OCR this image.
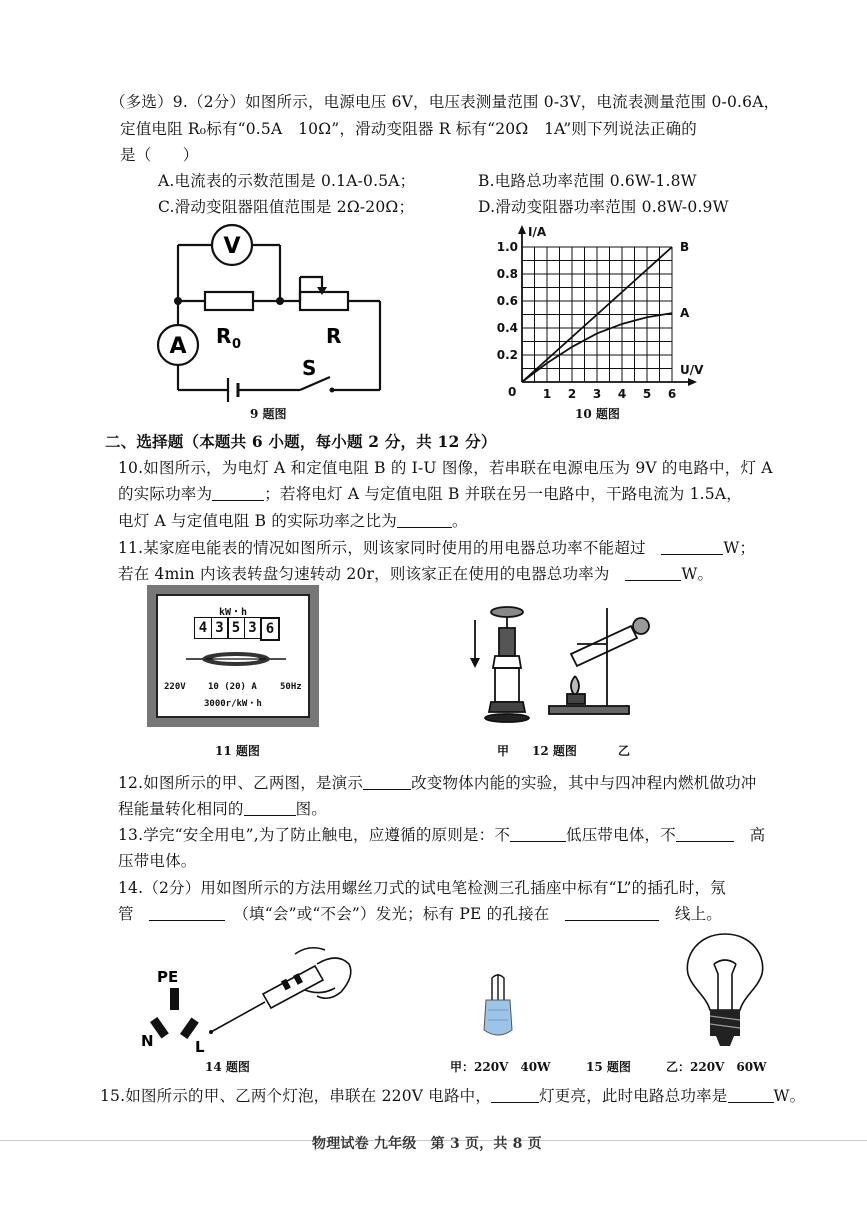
（多选）9.（2分）如图所示，电源电压 6V，电压表测量范围 0-3V，电流表测量范围 0-0.6A，
定值电阻 R₀标有“0.5A　10Ω”，滑动变阻器 R 标有“20Ω　1A”则下列说法正确的
是（　　）
A.电流表的示数范围是 0.1A-0.5A；	B.电路总功率范围 0.6W-1.8W
C.滑动变阻器阻值范围是 2Ω-20Ω；	D.滑动变阻器功率范围 0.8W-0.9W
V
A R 0	R
S
9 题图
I/A
U/V
0
A
B
1.0
0.8
0.6
0.4
0.2
1 2 3 4 5 6
10 题图
二、选择题（本题共 6 小题，每小题 2 分，共 12 分）
10.如图所示，为电灯 A 和定值电阻 B 的 I-U 图像，若串联在电源电压为 9V 的电路中，灯 A
的实际功率为	；若将电灯 A 与定值电阻 B 并联在另一电路中，干路电流为 1.5A，
电灯 A 与定值电阻 B 的实际功率之比为	。
11.某家庭电能表的情况如图所示，则该家同时使用的用电器总功率不能超过　	W；
若在 4min 内该表转盘匀速转动 20r，则该家正在使用的电器总功率为　	W。
kW・h
4 3 5 3 6
220V 10 (20) A	50Hz
3000r/kW・h
11 题图	甲 12 题图	乙
12.如图所示的甲、乙两图，是演示	改变物体内能的实验，其中与四冲程内燃机做功冲
程能量转化相同的	图。
13.学完“安全用电”,为了防止触电，应遵循的原则是：不	低压带电体，不　	高
压带电体。
14.（2分）用如图所示的方法用螺丝刀式的试电笔检测三孔插座中标有“L”的插孔时，氖
管　　	（填“会”或“不会”）发光；标有 PE 的孔接在　　	线上。
PE
N	L
14 题图	甲：220V　40W	15 题图	乙：220V　60W
15.如图所示的甲、乙两个灯泡，串联在 220V 电路中，	灯更亮，此时电路总功率是	W。
物理试卷 九年级　第 3 页，共 8 页
